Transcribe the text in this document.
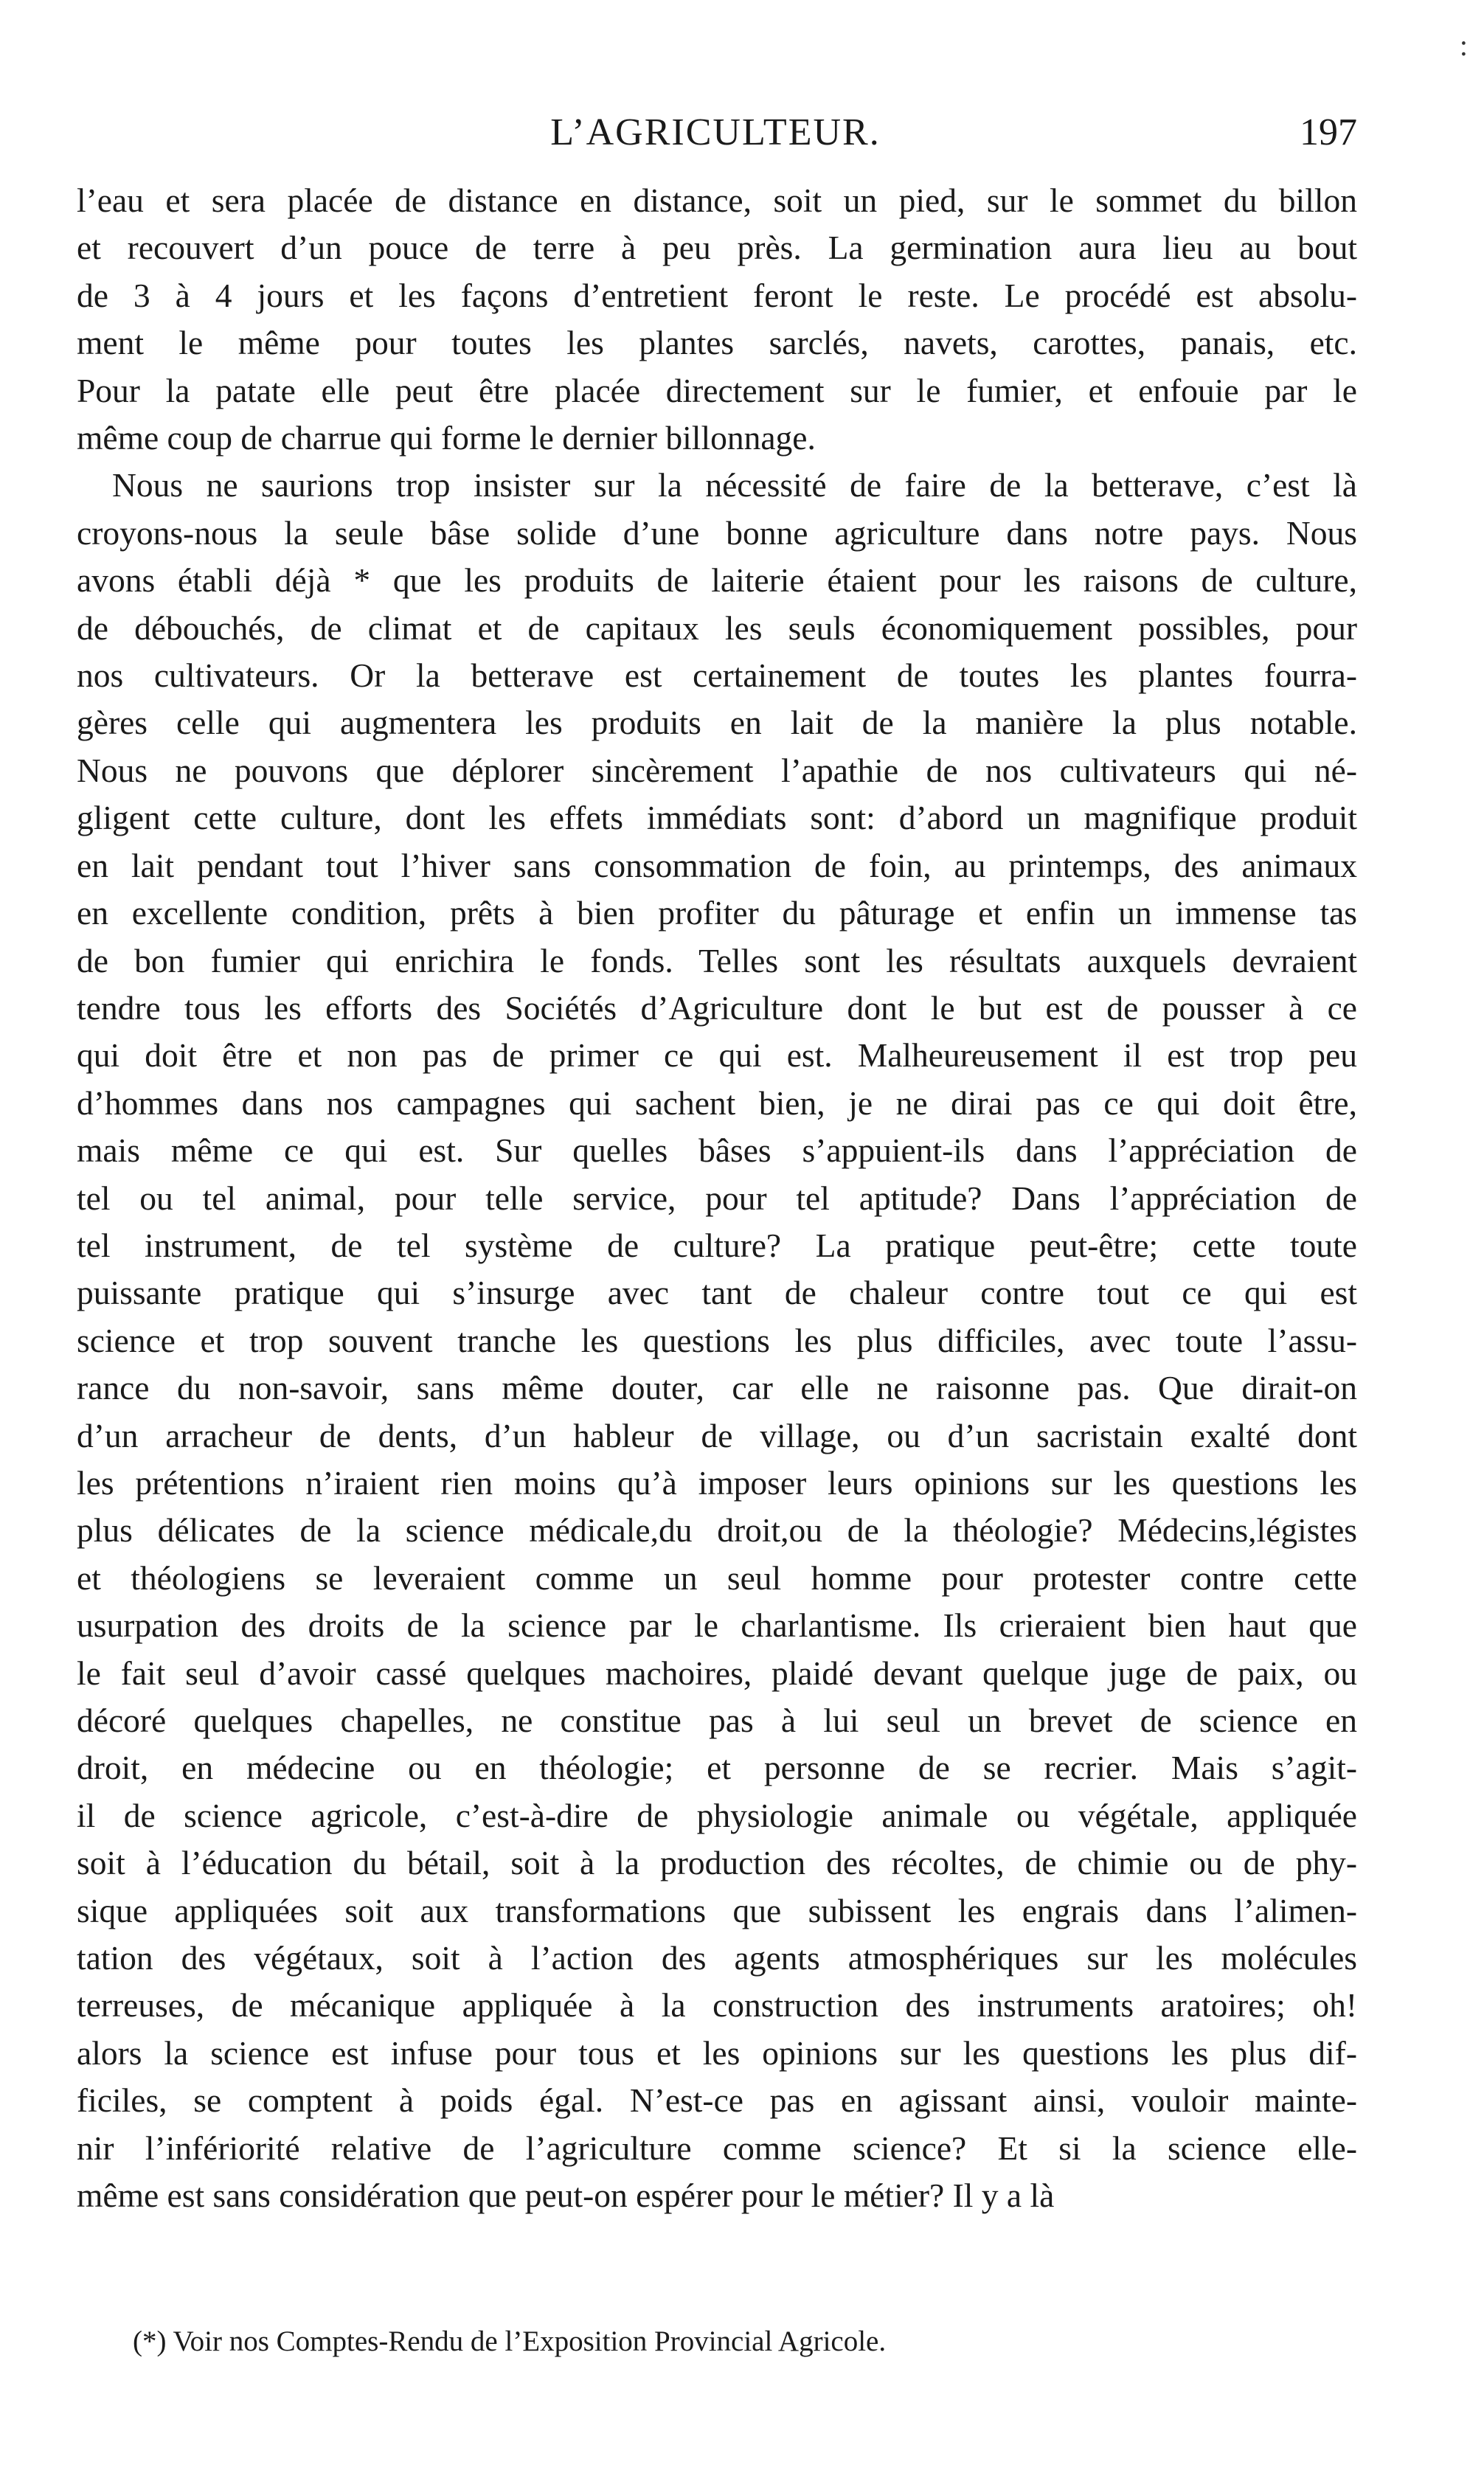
:
L’AGRICULTEUR.	197
l’eau et sera placée de distance en distance, soit un pied, sur le sommet du billon
et recouvert d’un pouce de terre à peu près. La germination aura lieu au bout
de 3 à 4 jours et les façons d’entretient feront le reste. Le procédé est absolu-
ment le même pour toutes les plantes sarclés, navets, carottes, panais, etc.
Pour la patate elle peut être placée directement sur le fumier, et enfouie par le
même coup de charrue qui forme le dernier billonnage.
Nous ne saurions trop insister sur la nécessité de faire de la betterave, c’est là
croyons-nous la seule bâse solide d’une bonne agriculture dans notre pays. Nous
avons établi déjà * que les produits de laiterie étaient pour les raisons de culture,
de débouchés, de climat et de capitaux les seuls économiquement possibles, pour
nos cultivateurs. Or la betterave est certainement de toutes les plantes fourra-
gères celle qui augmentera les produits en lait de la manière la plus notable.
Nous ne pouvons que déplorer sincèrement l’apathie de nos cultivateurs qui né-
gligent cette culture, dont les effets immédiats sont: d’abord un magnifique produit
en lait pendant tout l’hiver sans consommation de foin, au printemps, des animaux
en excellente condition, prêts à bien profiter du pâturage et enfin un immense tas
de bon fumier qui enrichira le fonds. Telles sont les résultats auxquels devraient
tendre tous les efforts des Sociétés d’Agriculture dont le but est de pousser à ce
qui doit être et non pas de primer ce qui est. Malheureusement il est trop peu
d’hommes dans nos campagnes qui sachent bien, je ne dirai pas ce qui doit être,
mais même ce qui est. Sur quelles bâses s’appuient-ils dans l’appréciation de
tel ou tel animal, pour telle service, pour tel aptitude? Dans l’appréciation de
tel instrument, de tel système de culture? La pratique peut-être; cette toute
puissante pratique qui s’insurge avec tant de chaleur contre tout ce qui est
science et trop souvent tranche les questions les plus difficiles, avec toute l’assu-
rance du non-savoir, sans même douter, car elle ne raisonne pas. Que dirait-on
d’un arracheur de dents, d’un hableur de village, ou d’un sacristain exalté dont
les prétentions n’iraient rien moins qu’à imposer leurs opinions sur les questions les
plus délicates de la science médicale,du droit,ou de la théologie? Médecins,légistes
et théologiens se leveraient comme un seul homme pour protester contre cette
usurpation des droits de la science par le charlantisme. Ils crieraient bien haut que
le fait seul d’avoir cassé quelques machoires, plaidé devant quelque juge de paix, ou
décoré quelques chapelles, ne constitue pas à lui seul un brevet de science en
droit, en médecine ou en théologie; et personne de se recrier. Mais s’agit-
il de science agricole, c’est-à-dire de physiologie animale ou végétale, appliquée
soit à l’éducation du bétail, soit à la production des récoltes, de chimie ou de phy-
sique appliquées soit aux transformations que subissent les engrais dans l’alimen-
tation des végétaux, soit à l’action des agents atmosphériques sur les molécules
terreuses, de mécanique appliquée à la construction des instruments aratoires; oh!
alors la science est infuse pour tous et les opinions sur les questions les plus dif-
ficiles, se comptent à poids égal. N’est-ce pas en agissant ainsi, vouloir mainte-
nir l’infériorité relative de l’agriculture comme science? Et si la science elle-
même est sans considération que peut-on espérer pour le métier? Il y a là
(*) Voir nos Comptes-Rendu de l’Exposition Provincial Agricole.
